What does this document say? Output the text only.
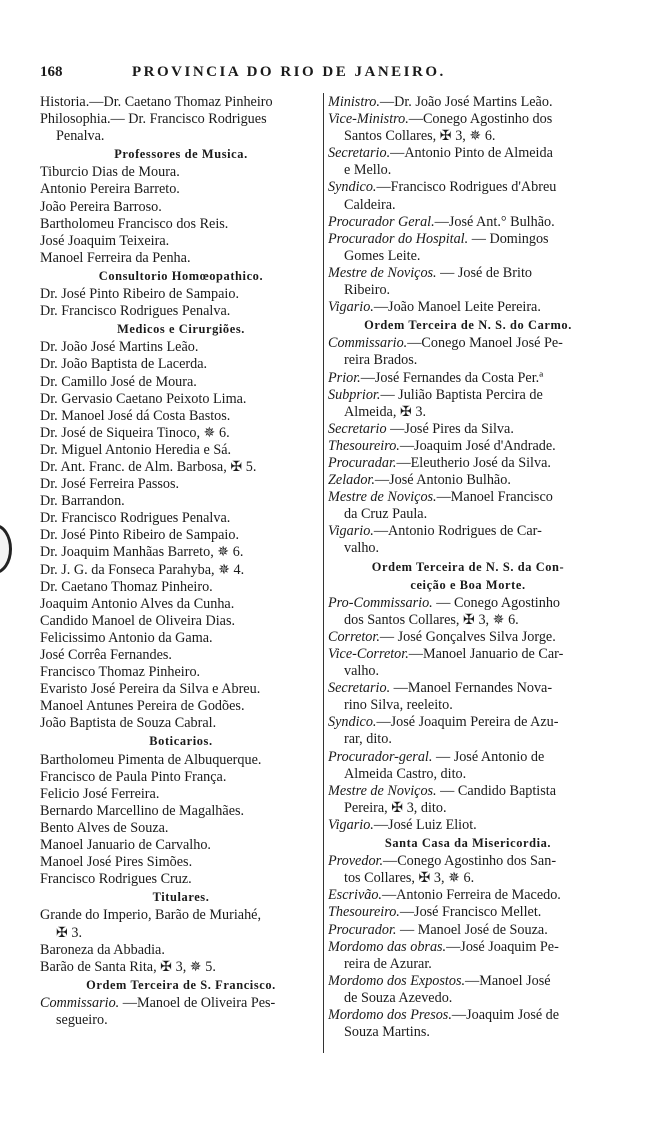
168	PROVINCIA DO RIO DE JANEIRO.
Historia.—Dr. Caetano Thomaz Pinheiro
Philosophia.— Dr. Francisco Rodrigues
Penalva.
Professores de Musica.
Tiburcio Dias de Moura.
Antonio Pereira Barreto.
João Pereira Barroso.
Bartholomeu Francisco dos Reis.
José Joaquim Teixeira.
Manoel Ferreira da Penha.
Consultorio Homœopathico.
Dr. José Pinto Ribeiro de Sampaio.
Dr. Francisco Rodrigues Penalva.
Medicos e Cirurgiões.
Dr. João José Martins Leão.
Dr. João Baptista de Lacerda.
Dr. Camillo José de Moura.
Dr. Gervasio Caetano Peixoto Lima.
Dr. Manoel José dá Costa Bastos.
Dr. José de Siqueira Tinoco, ✵ 6.
Dr. Miguel Antonio Heredia e Sá.
Dr. Ant. Franc. de Alm. Barbosa, ✠ 5.
Dr. José Ferreira Passos.
Dr. Barrandon.
Dr. Francisco Rodrigues Penalva.
Dr. José Pinto Ribeiro de Sampaio.
Dr. Joaquim Manhãas Barreto, ✵ 6.
Dr. J. G. da Fonseca Parahyba, ✵ 4.
Dr. Caetano Thomaz Pinheiro.
Joaquim Antonio Alves da Cunha.
Candido Manoel de Oliveira Dias.
Felicissimo Antonio da Gama.
José Corrêa Fernandes.
Francisco Thomaz Pinheiro.
Evaristo José Pereira da Silva e Abreu.
Manoel Antunes Pereira de Godões.
João Baptista de Souza Cabral.
Boticarios.
Bartholomeu Pimenta de Albuquerque.
Francisco de Paula Pinto França.
Felicio José Ferreira.
Bernardo Marcellino de Magalhães.
Bento Alves de Souza.
Manoel Januario de Carvalho.
Manoel José Pires Simões.
Francisco Rodrigues Cruz.
Titulares.
Grande do Imperio, Barão de Muriahé,
✠ 3.
Baroneza da Abbadia.
Barão de Santa Rita, ✠ 3, ✵ 5.
Ordem Terceira de S. Francisco.
Commissario. —Manoel de Oliveira Pes-
segueiro.
Ministro.—Dr. João José Martins Leão.
Vice-Ministro.—Conego Agostinho dos
Santos Collares, ✠ 3, ✵ 6.
Secretario.—Antonio Pinto de Almeida
e Mello.
Syndico.—Francisco Rodrigues d'Abreu
Caldeira.
Procurador Geral.—José Ant.° Bulhão.
Procurador do Hospital. — Domingos
Gomes Leite.
Mestre de Noviços. — José de Brito
Ribeiro.
Vigario.—João Manoel Leite Pereira.
Ordem Terceira de N. S. do Carmo.
Commissario.—Conego Manoel José Pe-
reira Brados.
Prior.—José Fernandes da Costa Per.ª
Subprior.— Julião Baptista Percira de
Almeida, ✠ 3.
Secretario —José Pires da Silva.
Thesoureiro.—Joaquim José d'Andrade.
Procuradar.—Eleutherio José da Silva.
Zelador.—José Antonio Bulhão.
Mestre de Noviços.—Manoel Francisco
da Cruz Paula.
Vigario.—Antonio Rodrigues de Car-
valho.
Ordem Terceira de N. S. da Con-
ceição e Boa Morte.
Pro-Commissario. — Conego Agostinho
dos Santos Collares, ✠ 3, ✵ 6.
Corretor.— José Gonçalves Silva Jorge.
Vice-Corretor.—Manoel Januario de Car-
valho.
Secretario. —Manoel Fernandes Nova-
rino Silva, reeleito.
Syndico.—José Joaquim Pereira de Azu-
rar, dito.
Procurador-geral. — José Antonio de
Almeida Castro, dito.
Mestre de Noviços. — Candido Baptista
Pereira, ✠ 3, dito.
Vigario.—José Luiz Eliot.
Santa Casa da Misericordia.
Provedor.—Conego Agostinho dos San-
tos Collares, ✠ 3, ✵ 6.
Escrivão.—Antonio Ferreira de Macedo.
Thesoureiro.—José Francisco Mellet.
Procurador. — Manoel José de Souza.
Mordomo das obras.—José Joaquim Pe-
reira de Azurar.
Mordomo dos Expostos.—Manoel José
de Souza Azevedo.
Mordomo dos Presos.—Joaquim José de
Souza Martins.
